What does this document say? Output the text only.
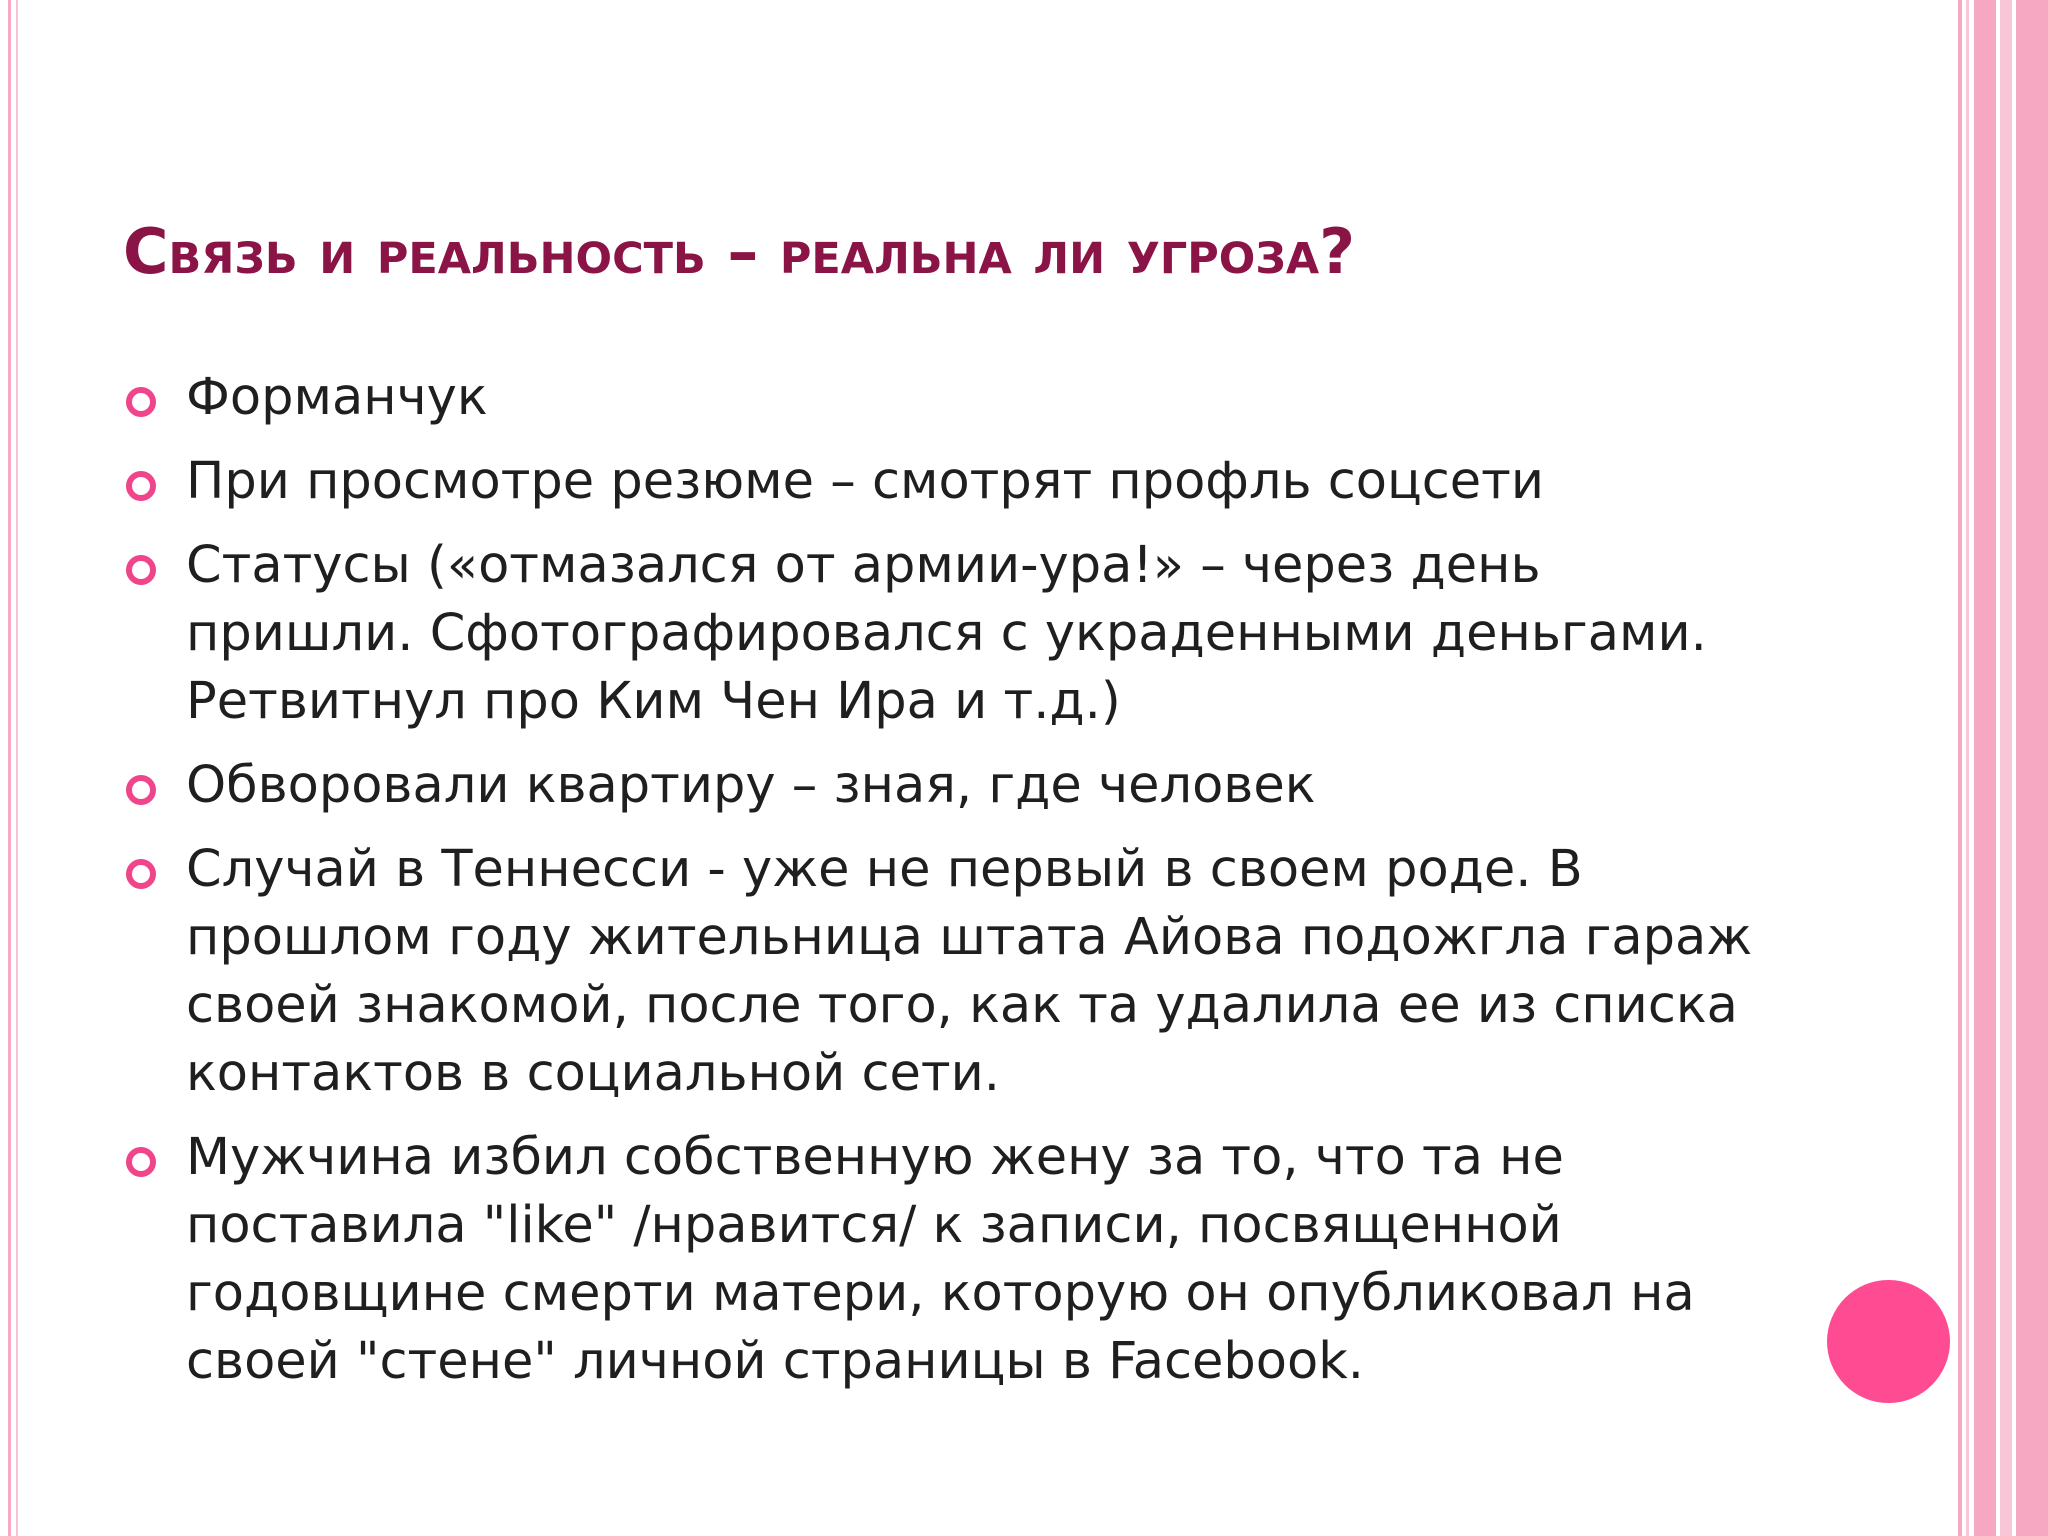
Связь и реальность – реальна ли угроза?
Форманчук
При просмотре резюме – смотрят профль соцсети
Статусы («отмазался от армии-ура!» – через день пришли. Сфотографировался с украденными деньгами. Ретвитнул про Ким Чен Ира и т.д.)
Обворовали квартиру – зная, где человек
Случай в Теннесси - уже не первый в своем роде. В прошлом году жительница штата Айова подожгла гараж своей знакомой, после того, как та удалила ее из списка контактов в социальной сети.
Мужчина избил собственную жену за то, что та не поставила "like" /нравится/ к записи, посвященной годовщине смерти матери, которую он опубликовал на своей "стене" личной страницы в Facebook.
